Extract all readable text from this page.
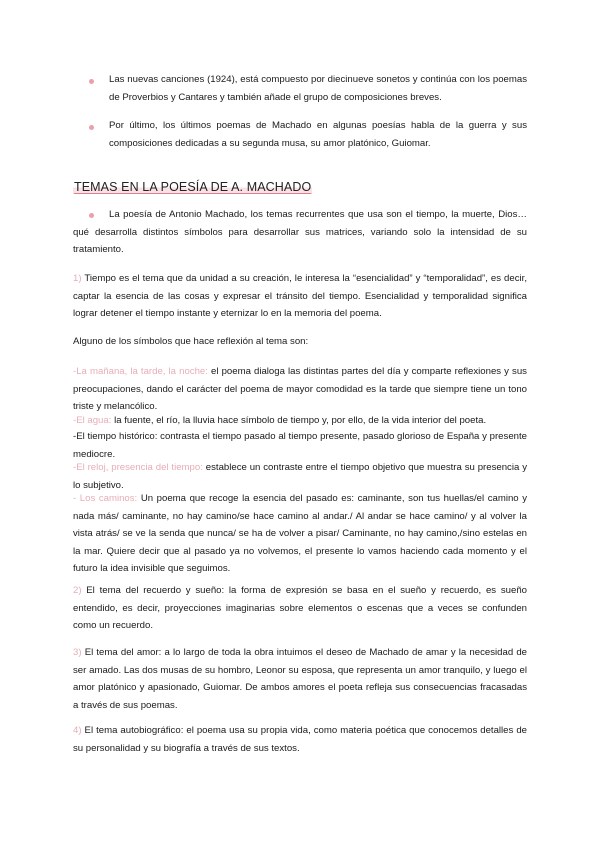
Las nuevas canciones (1924), está compuesto por diecinueve sonetos y continúa con los poemas de Proverbios y Cantares y también añade el grupo de composiciones breves.

Por último, los últimos poemas de Machado en algunas poesías habla de la guerra y sus composiciones dedicadas a su segunda musa, su amor platónico, Guiomar.

TEMAS EN LA POESÍA DE A. MACHADO

La poesía de Antonio Machado, los temas recurrentes que usa son el tiempo, la muerte, Dios… qué desarrolla distintos símbolos para desarrollar sus matrices, variando solo la intensidad de su tratamiento.

1) Tiempo es el tema que da unidad a su creación, le interesa la “esencialidad” y “temporalidad”, es decir, captar la esencia de las cosas y expresar el tránsito del tiempo. Esencialidad y temporalidad significa lograr detener el tiempo instante y eternizar lo en la memoria del poema.

Alguno de los símbolos que hace reflexión al tema son:

-La mañana, la tarde, la noche: el poema dialoga las distintas partes del día y comparte reflexiones y sus preocupaciones, dando el carácter del poema de mayor comodidad es la tarde que siempre tiene un tono triste y melancólico.

-El agua: la fuente, el río, la lluvia hace símbolo de tiempo y, por ello, de la vida interior del poeta.

-El tiempo histórico: contrasta el tiempo pasado al tiempo presente, pasado glorioso de España y presente mediocre.

-El reloj, presencia del tiempo: establece un contraste entre el tiempo objetivo que muestra su presencia y lo subjetivo.

- Los caminos: Un poema que recoge la esencia del pasado es: caminante, son tus huellas/el camino y nada más/ caminante, no hay camino/se hace camino al andar./ Al andar se hace camino/ y al volver la vista atrás/ se ve la senda que nunca/ se ha de volver a pisar/ Caminante, no hay camino,/sino estelas en la mar. Quiere decir que al pasado ya no volvemos, el presente lo vamos haciendo cada momento y el futuro la idea invisible que seguimos.

2) El tema del recuerdo y sueño: la forma de expresión se basa en el sueño y recuerdo, es sueño entendido, es decir, proyecciones imaginarias sobre elementos o escenas que a veces se confunden como un recuerdo.

3) El tema del amor: a lo largo de toda la obra intuimos el deseo de Machado de amar y la necesidad de ser amado. Las dos musas de su hombro, Leonor su esposa, que representa un amor tranquilo, y luego el amor platónico y apasionado, Guiomar. De ambos amores el poeta refleja sus consecuencias fracasadas a través de sus poemas.

4) El tema autobiográfico: el poema usa su propia vida, como materia poética que conocemos detalles de su personalidad y su biografía a través de sus textos.
